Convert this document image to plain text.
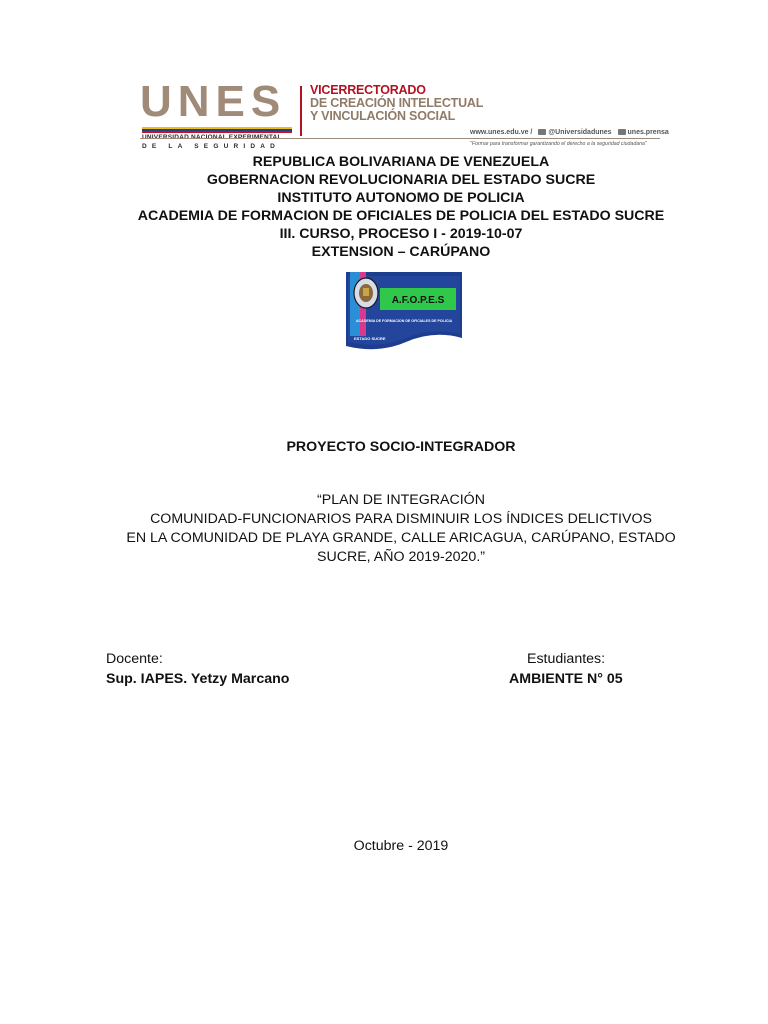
UNES
DE LA SEGURIDAD
VICERRECTORADO
DE CREACIÓN INTELECTUAL
Y VINCULACIÓN SOCIAL
www.unes.edu.ve / @Universidadunes unes.prensa
"Formar para transformar garantizando el derecho a la seguridad ciudadana"
REPUBLICA BOLIVARIANA DE VENEZUELA
GOBERNACION REVOLUCIONARIA DEL ESTADO SUCRE
INSTITUTO AUTONOMO DE POLICIA
ACADEMIA DE FORMACION DE OFICIALES DE POLICIA DEL ESTADO SUCRE
III. CURSO, PROCESO I - 2019-10-07
EXTENSION – CARÚPANO
A.F.O.P.E.S
ACADEMIA DE FORMACION DE OFICIALES DE POLICIA
ESTADO SUCRE
PROYECTO SOCIO-INTEGRADOR
“PLAN DE INTEGRACIÓN
COMUNIDAD-FUNCIONARIOS PARA DISMINUIR LOS ÍNDICES DELICTIVOS
EN LA COMUNIDAD DE PLAYA GRANDE, CALLE ARICAGUA, CARÚPANO, ESTADO
SUCRE, AÑO 2019-2020.”
Docente:
Sup. IAPES. Yetzy Marcano
Estudiantes:
AMBIENTE N° 05
Octubre - 2019
